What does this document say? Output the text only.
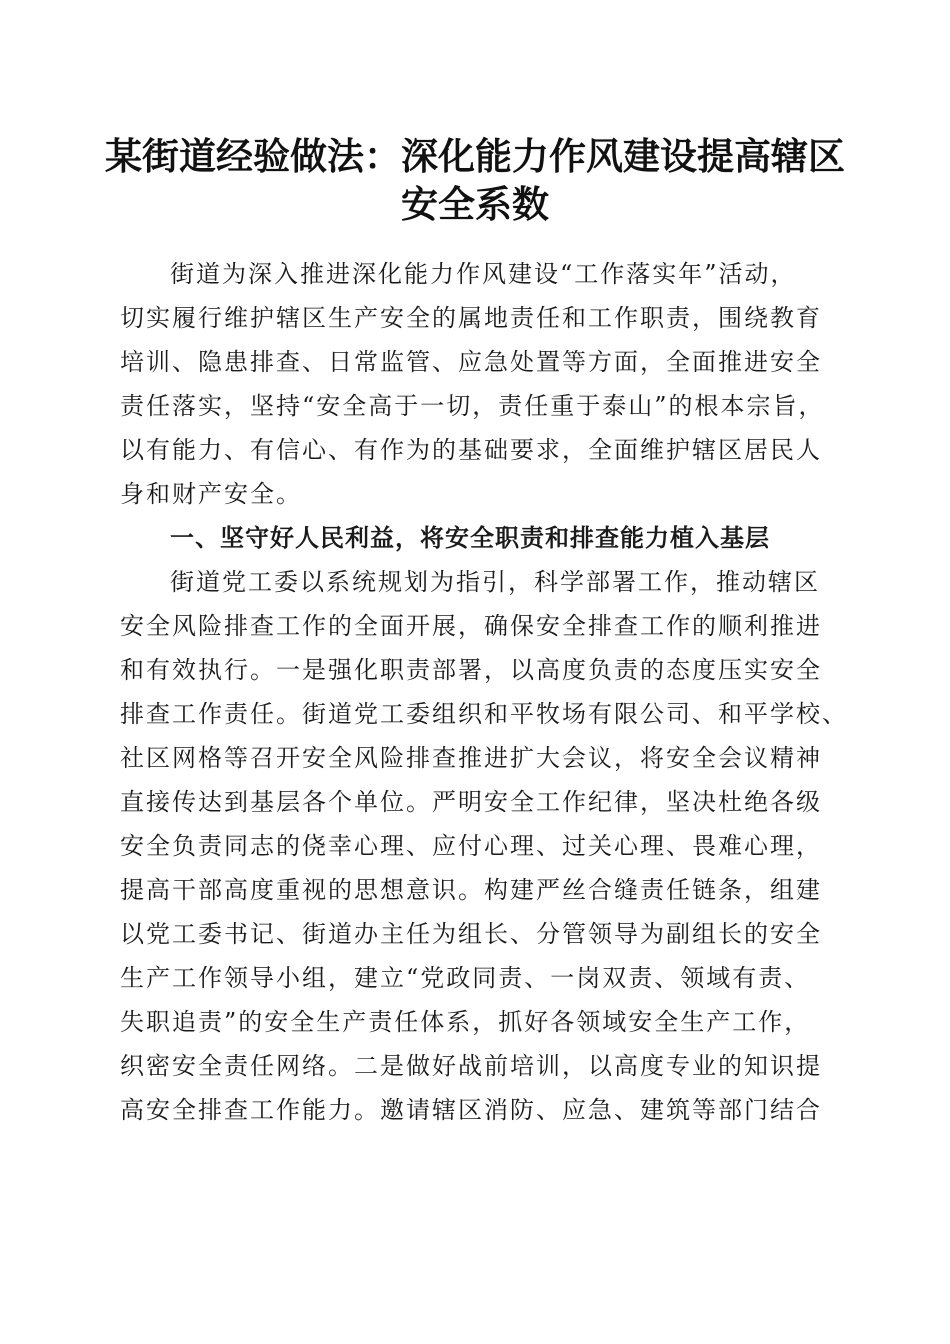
某街道经验做法：深化能力作风建设提高辖区
安全系数
街道为深入推进深化能力作风建设“工作落实年”活动，
切实履行维护辖区生产安全的属地责任和工作职责，围绕教育
培训、隐患排查、日常监管、应急处置等方面，全面推进安全
责任落实，坚持“安全高于一切，责任重于泰山”的根本宗旨，
以有能力、有信心、有作为的基础要求，全面维护辖区居民人
身和财产安全。
一、坚守好人民利益，将安全职责和排查能力植入基层
街道党工委以系统规划为指引，科学部署工作，推动辖区
安全风险排查工作的全面开展，确保安全排查工作的顺利推进
和有效执行。一是强化职责部署，以高度负责的态度压实安全
排查工作责任。街道党工委组织和平牧场有限公司、和平学校、
社区网格等召开安全风险排查推进扩大会议，将安全会议精神
直接传达到基层各个单位。严明安全工作纪律，坚决杜绝各级
安全负责同志的侥幸心理、应付心理、过关心理、畏难心理，
提高干部高度重视的思想意识。构建严丝合缝责任链条，组建
以党工委书记、街道办主任为组长、分管领导为副组长的安全
生产工作领导小组，建立“党政同责、一岗双责、领域有责、
失职追责”的安全生产责任体系，抓好各领域安全生产工作，
织密安全责任网络。二是做好战前培训，以高度专业的知识提
高安全排查工作能力。邀请辖区消防、应急、建筑等部门结合
